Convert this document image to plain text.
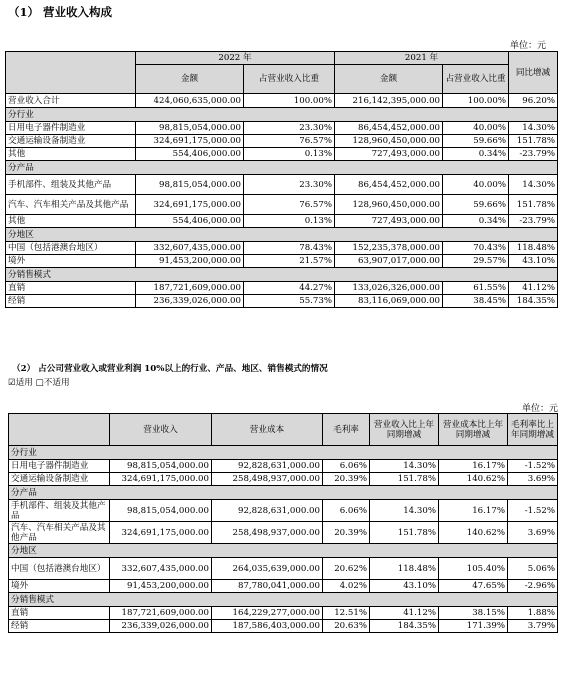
（1） 营业收入构成
单位：元
	2022 年		2021 年		同比增减
	金额	占营业收入比重	金额	占营业收入比重	
营业收入合计	424,060,635,000.00	100.00%	216,142,395,000.00	100.00%	96.20%
分行业					
日用电子器件制造业	98,815,054,000.00	23.30%	86,454,452,000.00	40.00%	14.30%
交通运输设备制造业	324,691,175,000.00	76.57%	128,960,450,000.00	59.66%	151.78%
其他	554,406,000.00	0.13%	727,493,000.00	0.34%	-23.79%
分产品					
手机部件、组装及其他产品	98,815,054,000.00	23.30%	86,454,452,000.00	40.00%	14.30%
汽车、汽车相关产品及其他产品	324,691,175,000.00	76.57%	128,960,450,000.00	59.66%	151.78%
其他	554,406,000.00	0.13%	727,493,000.00	0.34%	-23.79%
分地区					
中国（包括港澳台地区）	332,607,435,000.00	78.43%	152,235,378,000.00	70.43%	118.48%
境外	91,453,200,000.00	21.57%	63,907,017,000.00	29.57%	43.10%
分销售模式					
直销	187,721,609,000.00	44.27%	133,026,326,000.00	61.55%	41.12%
经销	236,339,026,000.00	55.73%	83,116,069,000.00	38.45%	184.35%
（2） 占公司营业收入或营业利润 10%以上的行业、产品、地区、销售模式的情况
☑适用 □不适用
单位：元
	营业收入	营业成本	毛利率	营业收入比上年同期增减	营业成本比上年同期增减	毛利率比上年同期增减
分行业						
日用电子器件制造业	98,815,054,000.00	92,828,631,000.00	6.06%	14.30%	16.17%	-1.52%
交通运输设备制造业	324,691,175,000.00	258,498,937,000.00	20.39%	151.78%	140.62%	3.69%
分产品						
手机部件、组装及其他产品	98,815,054,000.00	92,828,631,000.00	6.06%	14.30%	16.17%	-1.52%
汽车、汽车相关产品及其他产品	324,691,175,000.00	258,498,937,000.00	20.39%	151.78%	140.62%	3.69%
分地区						
中国（包括港澳台地区）	332,607,435,000.00	264,035,639,000.00	20.62%	118.48%	105.40%	5.06%
境外	91,453,200,000.00	87,780,041,000.00	4.02%	43.10%	47.65%	-2.96%
分销售模式						
直销	187,721,609,000.00	164,229,277,000.00	12.51%	41.12%	38.15%	1.88%
经销	236,339,026,000.00	187,586,403,000.00	20.63%	184.35%	171.39%	3.79%
